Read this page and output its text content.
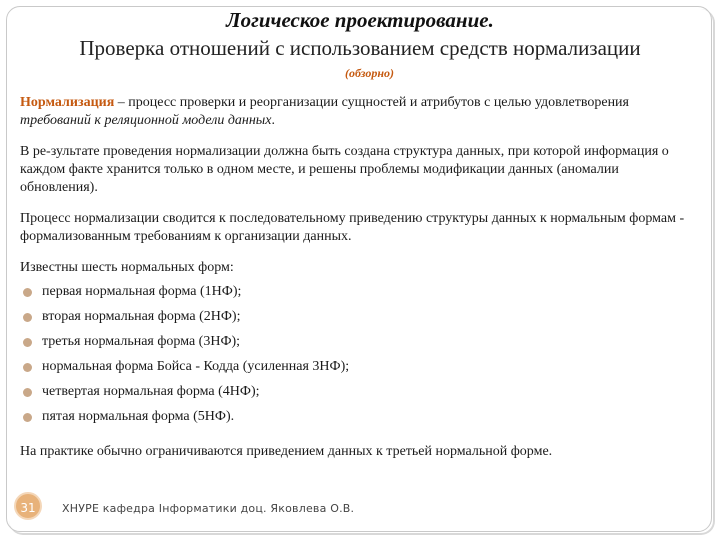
Логическое проектирование.
Проверка отношений с использованием средств нормализации
(обзорно)

Нормализация – процесс проверки и реорганизации сущностей и атрибутов с целью удовлетворения требований к реляционной модели данных.

В ре-зультате проведения нормализации должна быть создана структура данных, при которой информация о каждом факте хранится только в одном месте, и решены проблемы модификации данных (аномалии обновления).

Процесс нормализации сводится к последовательному приведению структуры данных к нормальным формам - формализованным требованиям к организации данных.

Известны шесть нормальных форм:

первая нормальная форма (1НФ);
вторая нормальная форма (2НФ);
третья нормальная форма (3НФ);
нормальная форма Бойса - Кодда (усиленная 3НФ);
четвертая нормальная форма (4НФ);
пятая нормальная форма (5НФ).

На практике обычно ограничиваются приведением данных к третьей нормальной форме.

31	ХНУРЕ кафедра Інформатики доц. Яковлева О.В.
